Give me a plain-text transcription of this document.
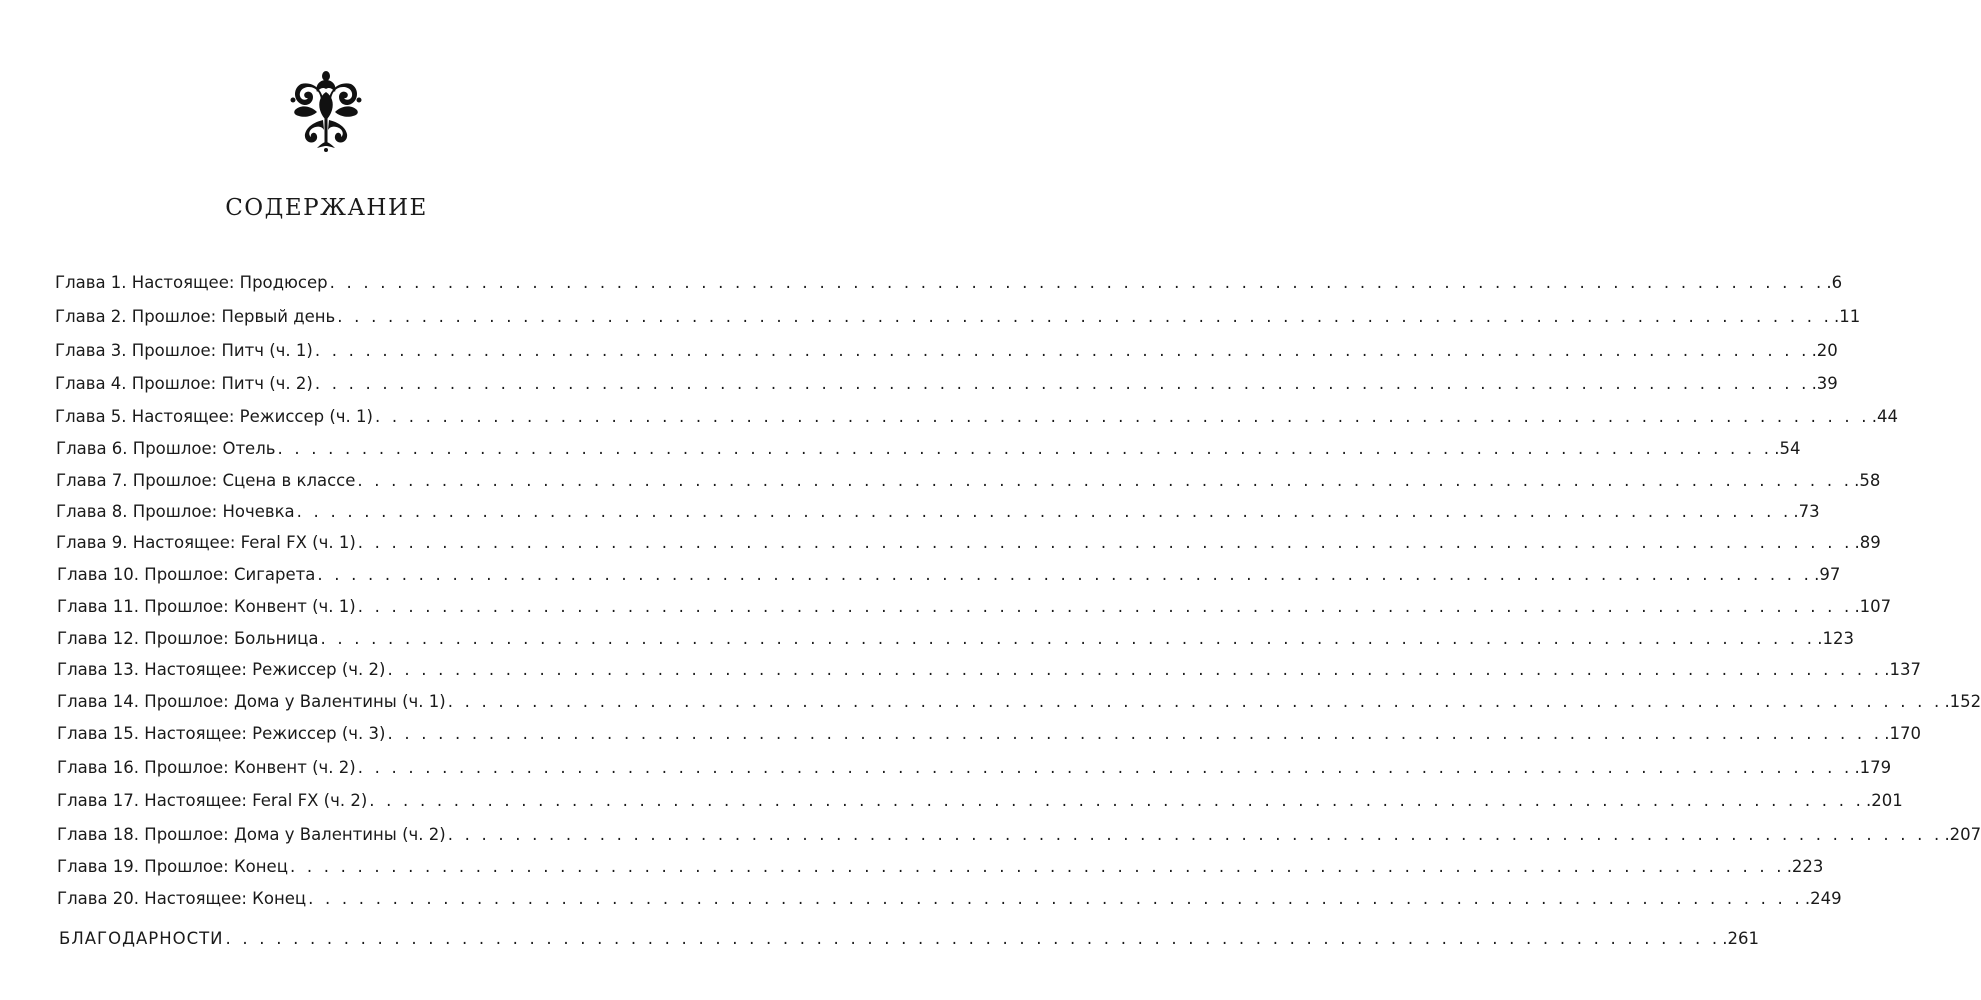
СОДЕРЖАНИЕ
Глава 1. Настоящее: Продюсер . . . . . . . . . . . . . . . . . . . . . . . . . . . . . . . . . . . . . . . . . . . . . . . . . . . . . . . . . . . . . . . . . . . . . . . . . . . . . . . . . . . . . . . . . .6
Глава 2. Прошлое: Первый день . . . . . . . . . . . . . . . . . . . . . . . . . . . . . . . . . . . . . . . . . . . . . . . . . . . . . . . . . . . . . . . . . . . . . . . . . . . . . . . . . . . . . . . . . .11
Глава 3. Прошлое: Питч (ч. 1) . . . . . . . . . . . . . . . . . . . . . . . . . . . . . . . . . . . . . . . . . . . . . . . . . . . . . . . . . . . . . . . . . . . . . . . . . . . . . . . . . . . . . . . . . .20
Глава 4. Прошлое: Питч (ч. 2) . . . . . . . . . . . . . . . . . . . . . . . . . . . . . . . . . . . . . . . . . . . . . . . . . . . . . . . . . . . . . . . . . . . . . . . . . . . . . . . . . . . . . . . . . .39
Глава 5. Настоящее: Режиссер (ч. 1) . . . . . . . . . . . . . . . . . . . . . . . . . . . . . . . . . . . . . . . . . . . . . . . . . . . . . . . . . . . . . . . . . . . . . . . . . . . . . . . . . . . . . . . . . .44
Глава 6. Прошлое: Отель . . . . . . . . . . . . . . . . . . . . . . . . . . . . . . . . . . . . . . . . . . . . . . . . . . . . . . . . . . . . . . . . . . . . . . . . . . . . . . . . . . . . . . . . . .54
Глава 7. Прошлое: Сцена в классе . . . . . . . . . . . . . . . . . . . . . . . . . . . . . . . . . . . . . . . . . . . . . . . . . . . . . . . . . . . . . . . . . . . . . . . . . . . . . . . . . . . . . . . . . .58
Глава 8. Прошлое: Ночевка . . . . . . . . . . . . . . . . . . . . . . . . . . . . . . . . . . . . . . . . . . . . . . . . . . . . . . . . . . . . . . . . . . . . . . . . . . . . . . . . . . . . . . . . . .73
Глава 9. Настоящее: Feral FX (ч. 1) . . . . . . . . . . . . . . . . . . . . . . . . . . . . . . . . . . . . . . . . . . . . . . . . . . . . . . . . . . . . . . . . . . . . . . . . . . . . . . . . . . . . . . . . . .89
Глава 10. Прошлое: Сигарета . . . . . . . . . . . . . . . . . . . . . . . . . . . . . . . . . . . . . . . . . . . . . . . . . . . . . . . . . . . . . . . . . . . . . . . . . . . . . . . . . . . . . . . . . .97
Глава 11. Прошлое: Конвент (ч. 1) . . . . . . . . . . . . . . . . . . . . . . . . . . . . . . . . . . . . . . . . . . . . . . . . . . . . . . . . . . . . . . . . . . . . . . . . . . . . . . . . . . . . . . . . . .107
Глава 12. Прошлое: Больница . . . . . . . . . . . . . . . . . . . . . . . . . . . . . . . . . . . . . . . . . . . . . . . . . . . . . . . . . . . . . . . . . . . . . . . . . . . . . . . . . . . . . . . . . .123
Глава 13. Настоящее: Режиссер (ч. 2) . . . . . . . . . . . . . . . . . . . . . . . . . . . . . . . . . . . . . . . . . . . . . . . . . . . . . . . . . . . . . . . . . . . . . . . . . . . . . . . . . . . . . . . . . .137
Глава 14. Прошлое: Дома у Валентины (ч. 1) . . . . . . . . . . . . . . . . . . . . . . . . . . . . . . . . . . . . . . . . . . . . . . . . . . . . . . . . . . . . . . . . . . . . . . . . . . . . . . . . . . . . . . . . . .152
Глава 15. Настоящее: Режиссер (ч. 3) . . . . . . . . . . . . . . . . . . . . . . . . . . . . . . . . . . . . . . . . . . . . . . . . . . . . . . . . . . . . . . . . . . . . . . . . . . . . . . . . . . . . . . . . . .170
Глава 16. Прошлое: Конвент (ч. 2) . . . . . . . . . . . . . . . . . . . . . . . . . . . . . . . . . . . . . . . . . . . . . . . . . . . . . . . . . . . . . . . . . . . . . . . . . . . . . . . . . . . . . . . . . .179
Глава 17. Настоящее: Feral FX (ч. 2) . . . . . . . . . . . . . . . . . . . . . . . . . . . . . . . . . . . . . . . . . . . . . . . . . . . . . . . . . . . . . . . . . . . . . . . . . . . . . . . . . . . . . . . . . .201
Глава 18. Прошлое: Дома у Валентины (ч. 2) . . . . . . . . . . . . . . . . . . . . . . . . . . . . . . . . . . . . . . . . . . . . . . . . . . . . . . . . . . . . . . . . . . . . . . . . . . . . . . . . . . . . . . . . . .207
Глава 19. Прошлое: Конец . . . . . . . . . . . . . . . . . . . . . . . . . . . . . . . . . . . . . . . . . . . . . . . . . . . . . . . . . . . . . . . . . . . . . . . . . . . . . . . . . . . . . . . . . .223
Глава 20. Настоящее: Конец . . . . . . . . . . . . . . . . . . . . . . . . . . . . . . . . . . . . . . . . . . . . . . . . . . . . . . . . . . . . . . . . . . . . . . . . . . . . . . . . . . . . . . . . . .249
БЛАГОДАРНОСТИ . . . . . . . . . . . . . . . . . . . . . . . . . . . . . . . . . . . . . . . . . . . . . . . . . . . . . . . . . . . . . . . . . . . . . . . . . . . . . . . . . . . . . . . . . .261
